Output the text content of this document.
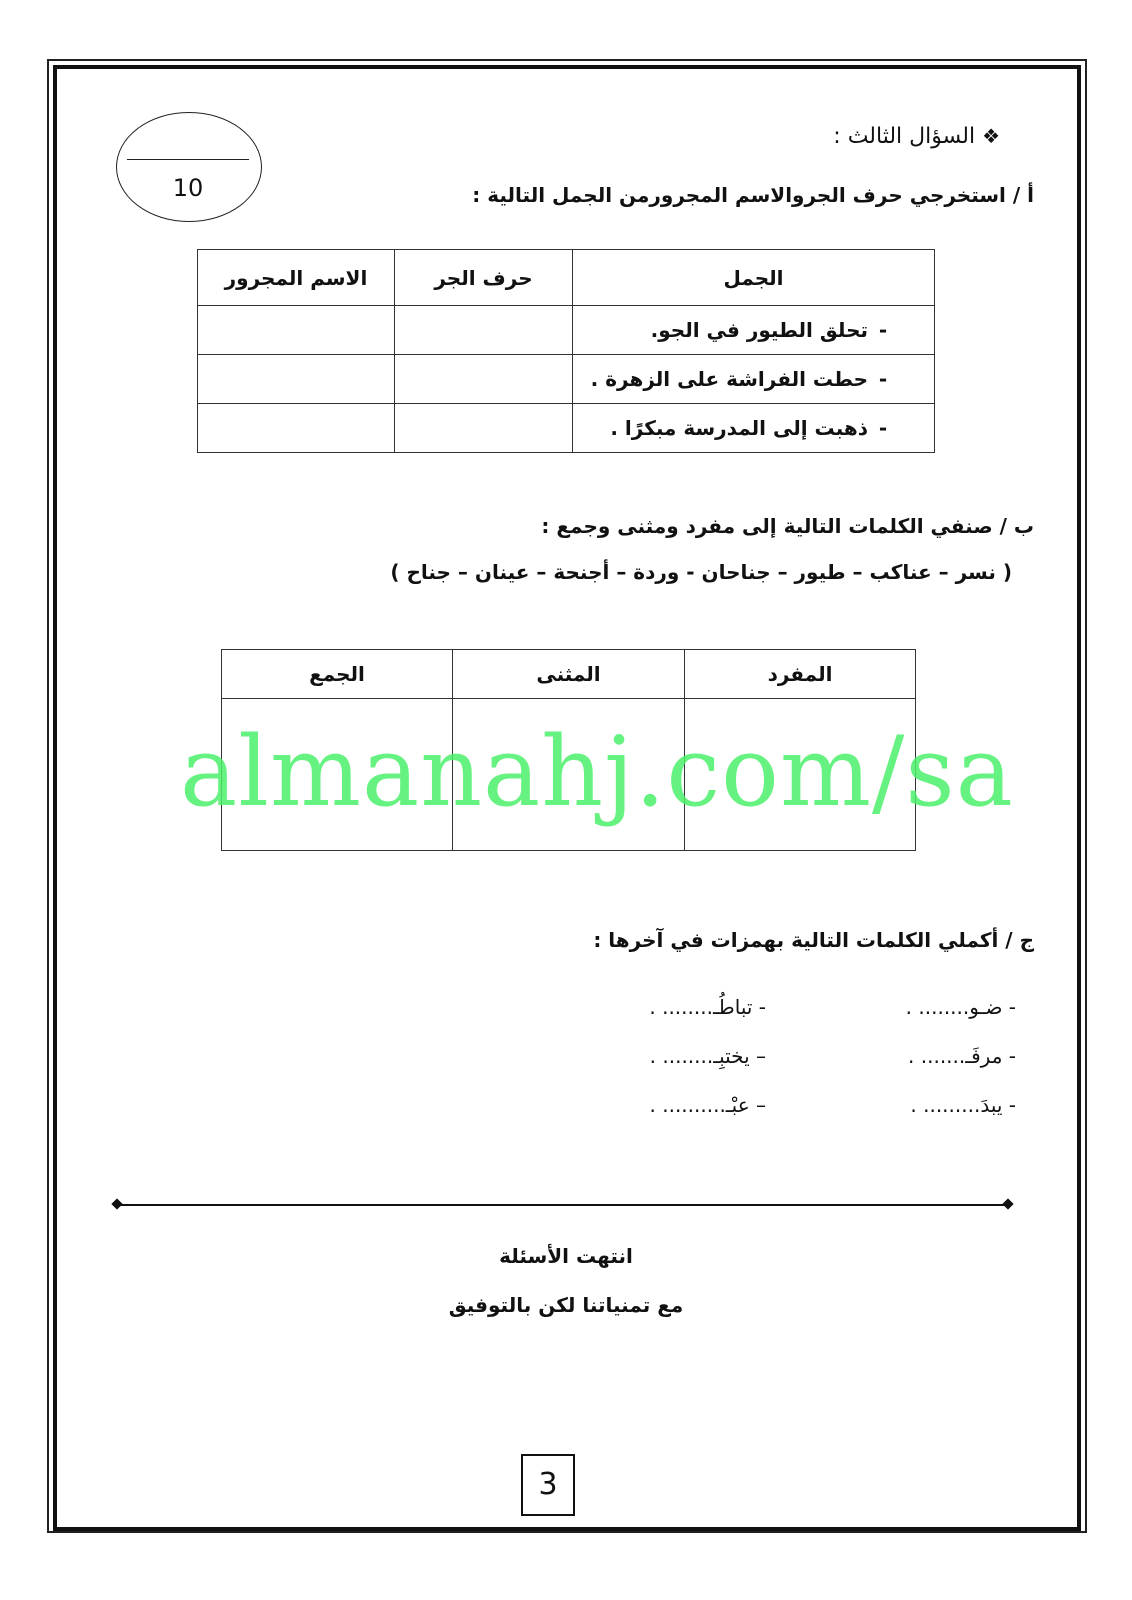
❖ السؤال الثالث :
10	أ / استخرجي حرف الجروالاسم المجرورمن الجمل التالية :
الاسم المجرور	حرف الجر	الجمل
		-تحلق الطيور في الجو.
		-حطت الفراشة على الزهرة .
		-ذهبت إلى المدرسة مبكرًا .
ب / صنفي الكلمات التالية إلى مفرد ومثنى وجمع :
( نسر – عناكب – طيور – جناحان - وردة – أجنحة – عينان – جناح )
الجمع	المثنى	المفرد

almanahj.com/sa
ج / أكملي الكلمات التالية بهمزات في آخرها :
- ضـو........ .
- تباطُـ........ .
- مرفَـ....... .
– يختبِـ........ .
- يبدَ......... .
– عبْـ.......... .
انتهت الأسئلة
مع تمنياتنا لكن بالتوفيق
3
